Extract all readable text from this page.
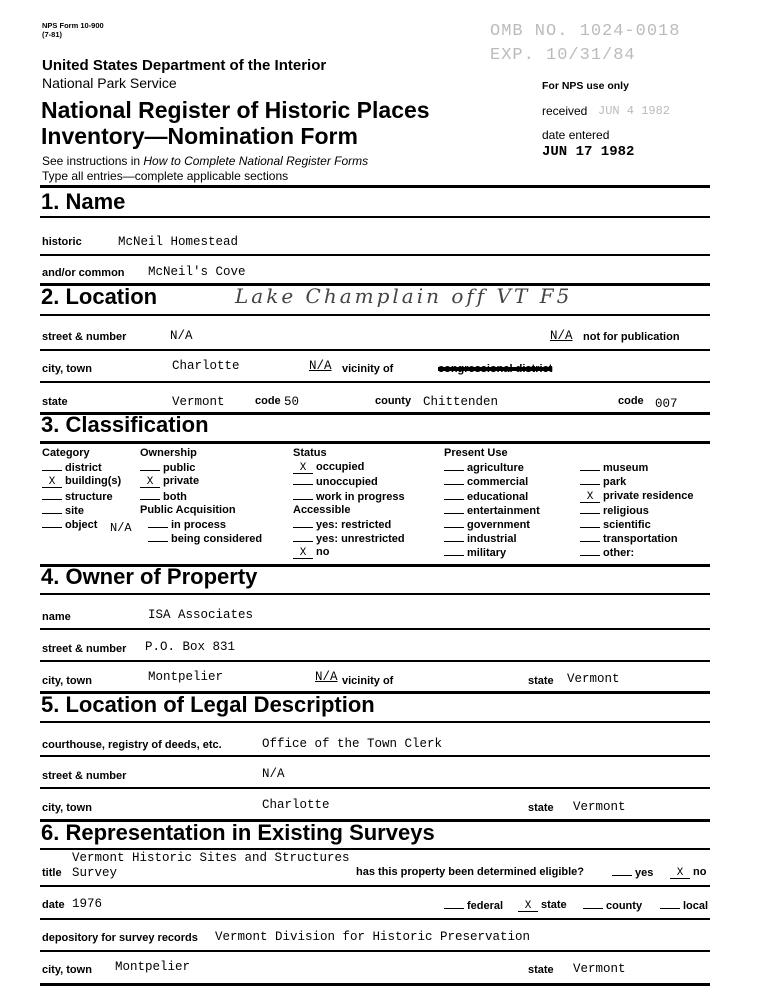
NPS Form 10-900
(7-81)	OMB NO. 1024-0018
EXP. 10/31/84
United States Department of the Interior
National Park Service	For NPS use only
National Register of Historic Places
Inventory—Nomination Form
received JUN 4 1982
date entered
JUN 17 1982
See instructions in How to Complete National Register Forms
Type all entries—complete applicable sections
1. Name
historic	McNeil Homestead
and/or common McNeil's Cove
2. Location	Lake Champlain off VT F5
street & number	N/A	N/A not for publication
city, town	Charlotte	N/A vicinity of	congressional district
state	Vermont	code 50	county Chittenden	code 007
3. Classification
4. Owner of Property
name	ISA Associates
street & number P.O. Box 831
city, town	Montpelier	N/A vicinity of	state Vermont
5. Location of Legal Description
courthouse, registry of deeds, etc.	Office of the Town Clerk
street & number	N/A
city, town	Charlotte	state Vermont
6. Representation in Existing Surveys
Vermont Historic Sites and Structures
title Survey	has this property been determined eligible?	yes	X no
date 1976	federal	X state	county	local
depository for survey records Vermont Division for Historic Preservation
city, town Montpelier	state Vermont
Category
district
X building(s)
structure
site
object
Ownership
public
X private
both
Public Acquisition
N/A	in process
being considered
Status
X occupied
unoccupied
work in progress
Accessible
yes: restricted
yes: unrestricted
X no
Present Use
agriculture
commercial
educational
entertainment
government
industrial
military
museum
park
X private residence
religious
scientific
transportation
other:
